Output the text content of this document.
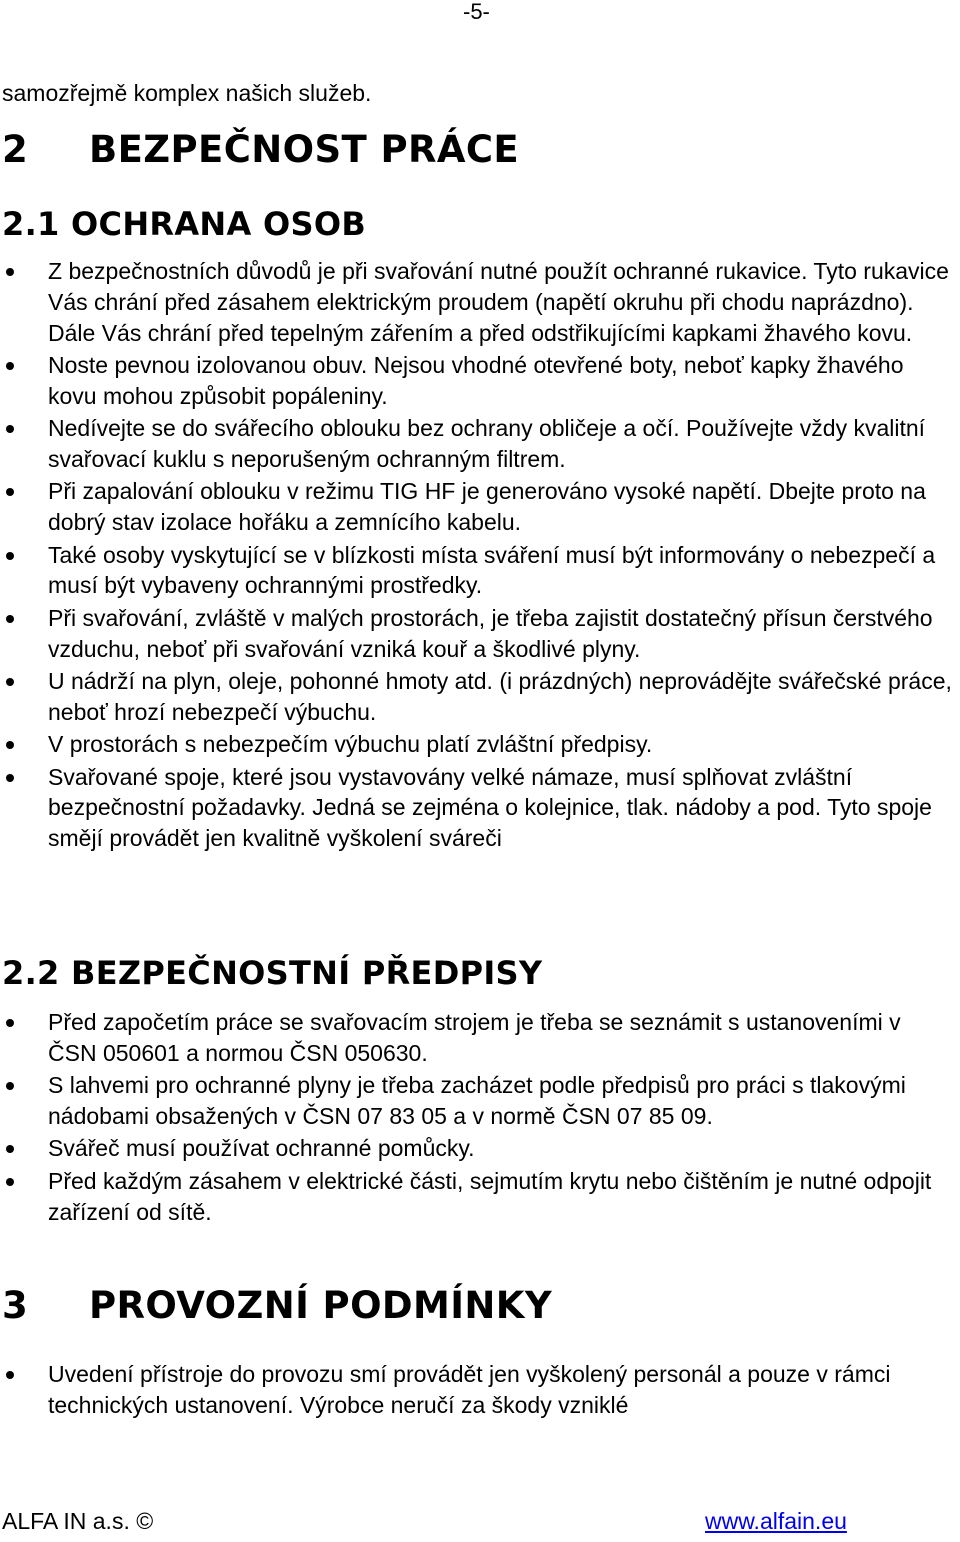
-5-
samozřejmě komplex našich služeb.
2 BEZPEČNOST PRÁCE
2.1 OCHRANA OSOB
Z bezpečnostních důvodů je při svařování nutné použít ochranné rukavice. Tyto rukavice Vás chrání před zásahem elektrickým proudem (napětí okruhu při chodu naprázdno). Dále Vás chrání před tepelným zářením a před odstřikujícími kapkami žhavého kovu.
Noste pevnou izolovanou obuv. Nejsou vhodné otevřené boty, neboť kapky žhavého kovu mohou způsobit popáleniny.
Nedívejte se do svářecího oblouku bez ochrany obličeje a očí. Používejte vždy kvalitní svařovací kuklu s neporušeným ochranným filtrem.
Při zapalování oblouku v režimu TIG HF je generováno vysoké napětí. Dbejte proto na dobrý stav izolace hořáku a zemnícího kabelu.
Také osoby vyskytující se v blízkosti místa sváření musí být informovány o nebezpečí a musí být vybaveny ochrannými prostředky.
Při svařování, zvláště v malých prostorách, je třeba zajistit dostatečný přísun čerstvého vzduchu, neboť při svařování vzniká kouř a škodlivé plyny.
U nádrží na plyn, oleje, pohonné hmoty atd. (i prázdných) neprovádějte svářečské práce, neboť hrozí nebezpečí výbuchu.
V prostorách s nebezpečím výbuchu platí zvláštní předpisy.
Svařované spoje, které jsou vystavovány velké námaze, musí splňovat zvláštní bezpečnostní požadavky. Jedná se zejména o kolejnice, tlak. nádoby a pod. Tyto spoje smějí provádět jen kvalitně vyškolení sváreči
2.2 BEZPEČNOSTNÍ PŘEDPISY
Před započetím práce se svařovacím strojem je třeba se seznámit s ustanoveními v ČSN 050601 a normou ČSN 050630.
S lahvemi pro ochranné plyny je třeba zacházet podle předpisů pro práci s tlakovými nádobami obsažených v ČSN 07 83 05 a v normě ČSN 07 85 09.
Svářeč musí používat ochranné pomůcky.
Před každým zásahem v elektrické části, sejmutím krytu nebo čištěním je nutné odpojit zařízení od sítě.
3 PROVOZNÍ PODMÍNKY
Uvedení přístroje do provozu smí provádět jen vyškolený personál a pouze v rámci technických ustanovení. Výrobce neručí za škody vzniklé
ALFA IN a.s. ©	www.alfain.eu
